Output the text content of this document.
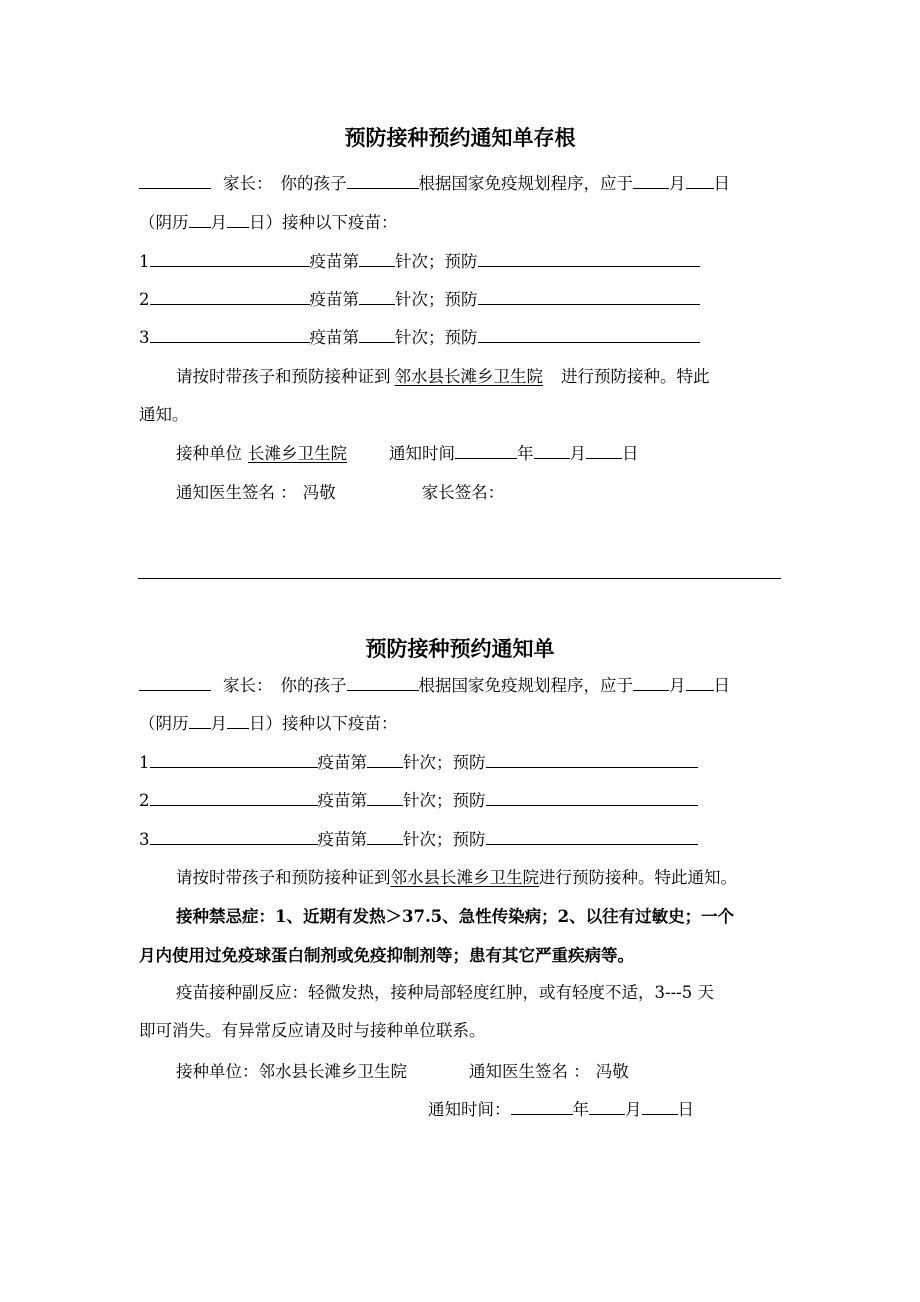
预防接种预约通知单存根
家长： 你的孩子	根据国家免疫规划程序，应于 月 日
（阴历 月 日）接种以下疫苗：
1	疫苗第 针次；预防
2	疫苗第 针次；预防
3	疫苗第 针次；预防
请按时带孩子和预防接种证到 邻水县长滩乡卫生院 进行预防接种。特此
通知。
接种单位 长滩乡卫生院	通知时间	年 月 日
通知医生签名 ： 冯敬	家长签名：
预防接种预约通知单
家长： 你的孩子	根据国家免疫规划程序，应于 月 日
（阴历 月 日）接种以下疫苗：
1	疫苗第 针次；预防
2	疫苗第 针次；预防
3	疫苗第 针次；预防
请按时带孩子和预防接种证到邻水县长滩乡卫生院进行预防接种。特此通知。
接种禁忌症：1、近期有发热＞37.5、急性传染病；2、以往有过敏史；一个
月内使用过免疫球蛋白制剂或免疫抑制剂等；患有其它严重疾病等。
疫苗接种副反应：轻微发热，接种局部轻度红肿，或有轻度不适，3---5 天
即可消失。有异常反应请及时与接种单位联系。
接种单位：邻水县长滩乡卫生院	通知医生签名 ： 冯敬
通知时间：	年 月 日
